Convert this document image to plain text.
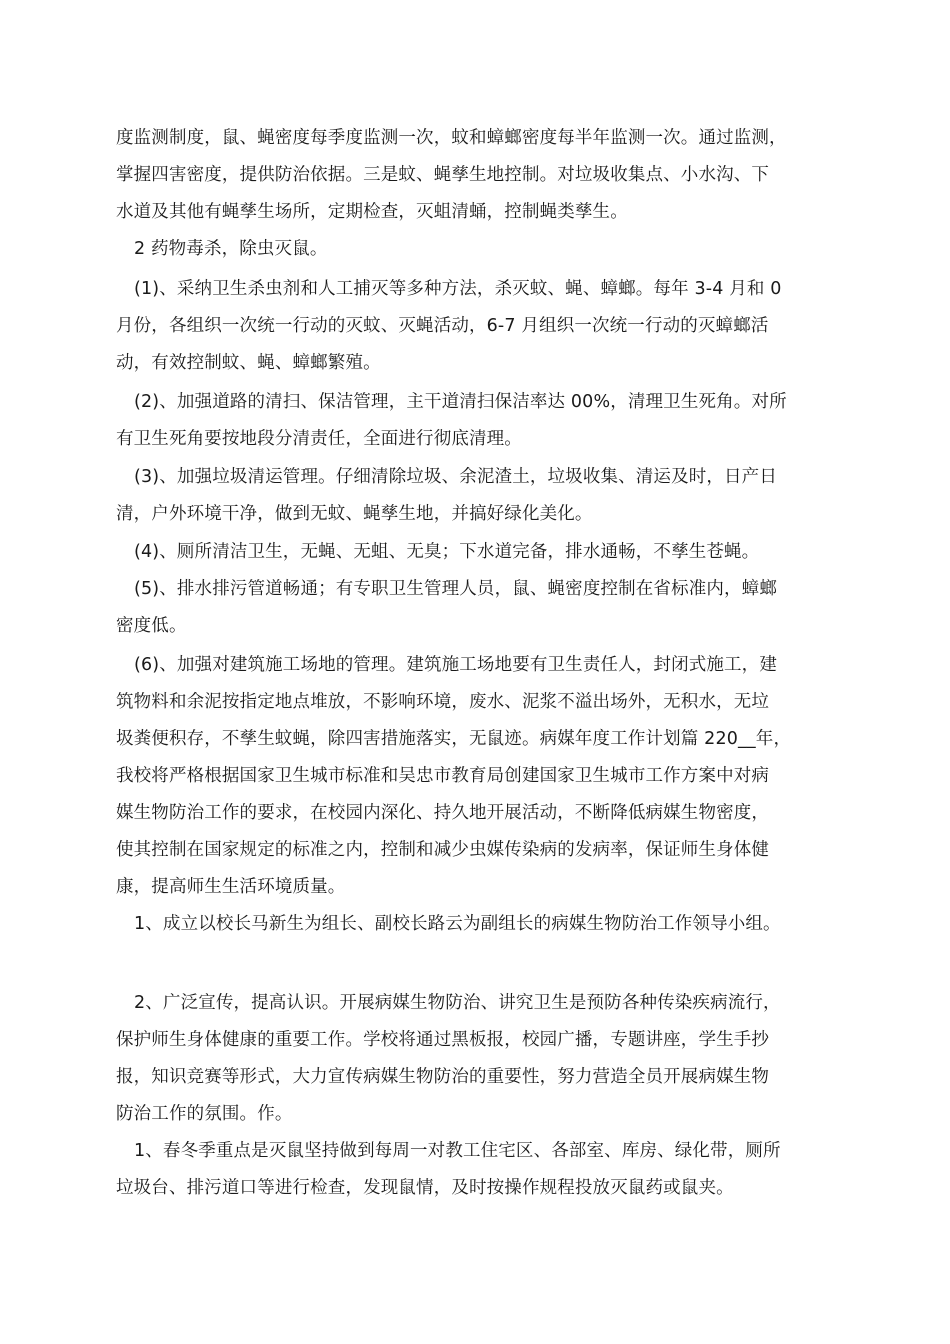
度监测制度，鼠、蝇密度每季度监测一次，蚊和蟑螂密度每半年监测一次。通过监测，
掌握四害密度，提供防治依据。三是蚊、蝇孳生地控制。对垃圾收集点、小水沟、下
水道及其他有蝇孳生场所，定期检查，灭蛆清蛹，控制蝇类孳生。
2 药物毒杀，除虫灭鼠。
(1)、采纳卫生杀虫剂和人工捕灭等多种方法，杀灭蚊、蝇、蟑螂。每年 3-4 月和 0
月份，各组织一次统一行动的灭蚊、灭蝇活动，6-7 月组织一次统一行动的灭蟑螂活
动，有效控制蚊、蝇、蟑螂繁殖。
(2)、加强道路的清扫、保洁管理，主干道清扫保洁率达 00%，清理卫生死角。对所
有卫生死角要按地段分清责任，全面进行彻底清理。
(3)、加强垃圾清运管理。仔细清除垃圾、余泥渣土，垃圾收集、清运及时，日产日
清，户外环境干净，做到无蚊、蝇孳生地，并搞好绿化美化。
(4)、厕所清洁卫生，无蝇、无蛆、无臭；下水道完备，排水通畅，不孳生苍蝇。
(5)、排水排污管道畅通；有专职卫生管理人员，鼠、蝇密度控制在省标准内，蟑螂
密度低。
(6)、加强对建筑施工场地的管理。建筑施工场地要有卫生责任人，封闭式施工，建
筑物料和余泥按指定地点堆放，不影响环境，废水、泥浆不溢出场外，无积水，无垃
圾粪便积存，不孳生蚊蝇，除四害措施落实，无鼠迹。病媒年度工作计划篇 220__年，
我校将严格根据国家卫生城市标准和吴忠市教育局创建国家卫生城市工作方案中对病
媒生物防治工作的要求，在校园内深化、持久地开展活动，不断降低病媒生物密度，
使其控制在国家规定的标准之内，控制和减少虫媒传染病的发病率，保证师生身体健
康，提高师生生活环境质量。
1、成立以校长马新生为组长、副校长路云为副组长的病媒生物防治工作领导小组。
2、广泛宣传，提高认识。开展病媒生物防治、讲究卫生是预防各种传染疾病流行，
保护师生身体健康的重要工作。学校将通过黑板报，校园广播，专题讲座，学生手抄
报，知识竞赛等形式，大力宣传病媒生物防治的重要性，努力营造全员开展病媒生物
防治工作的氛围。作。
1、春冬季重点是灭鼠坚持做到每周一对教工住宅区、各部室、库房、绿化带，厕所
垃圾台、排污道口等进行检查，发现鼠情，及时按操作规程投放灭鼠药或鼠夹。
